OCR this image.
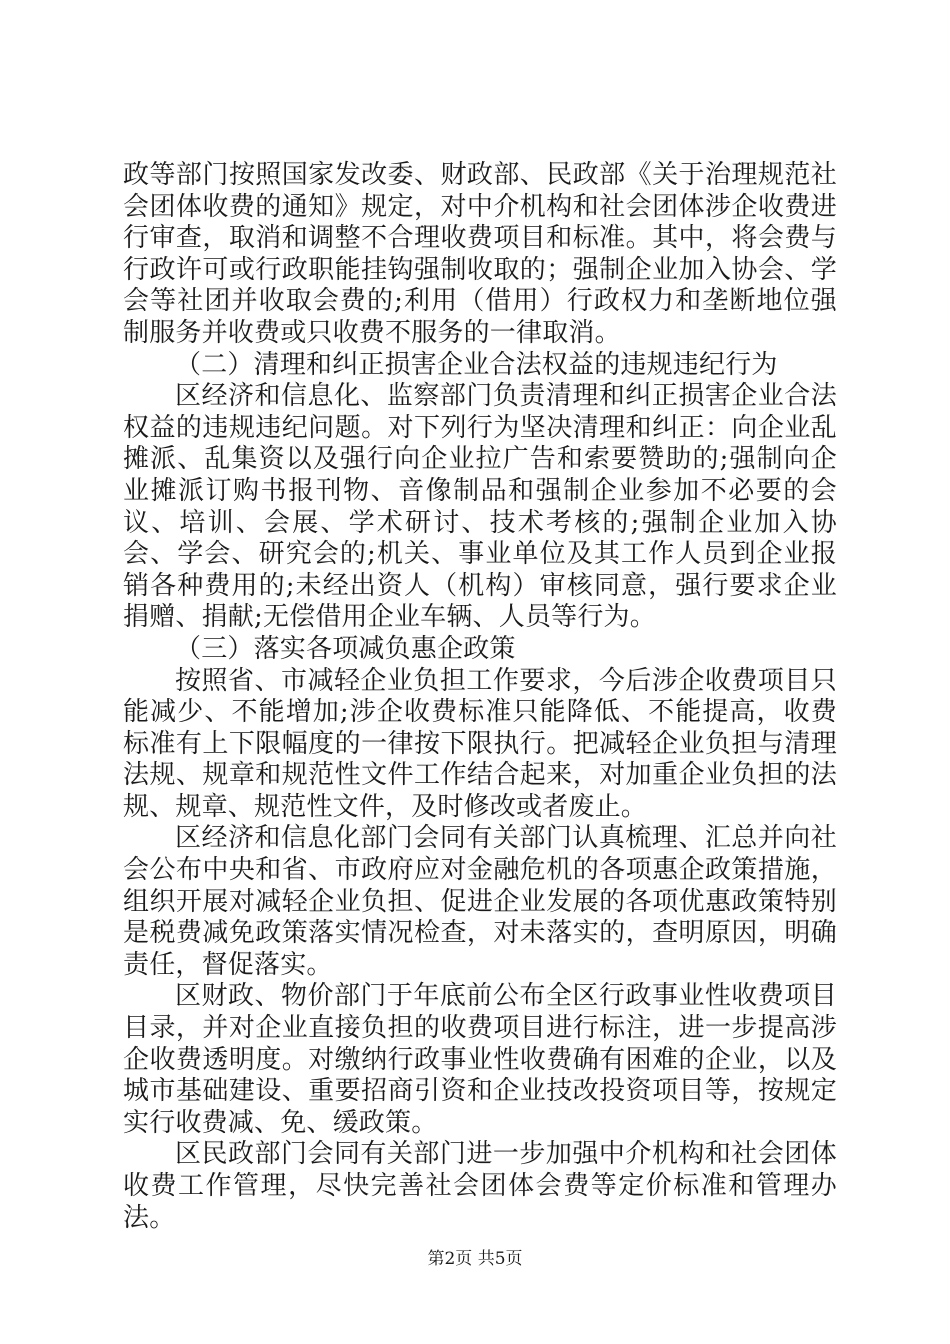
政等部门按照国家发改委、财政部、民政部《关于治理规范社会团体收费的通知》规定，对中介机构和社会团体涉企收费进行审查，取消和调整不合理收费项目和标准。其中，将会费与行政许可或行政职能挂钩强制收取的；强制企业加入协会、学会等社团并收取会费的;利用（借用）行政权力和垄断地位强制服务并收费或只收费不服务的一律取消。

（二）清理和纠正损害企业合法权益的违规违纪行为

区经济和信息化、监察部门负责清理和纠正损害企业合法权益的违规违纪问题。对下列行为坚决清理和纠正：向企业乱摊派、乱集资以及强行向企业拉广告和索要赞助的;强制向企业摊派订购书报刊物、音像制品和强制企业参加不必要的会议、培训、会展、学术研讨、技术考核的;强制企业加入协会、学会、研究会的;机关、事业单位及其工作人员到企业报销各种费用的;未经出资人（机构）审核同意，强行要求企业捐赠、捐献;无偿借用企业车辆、人员等行为。

（三）落实各项减负惠企政策

按照省、市减轻企业负担工作要求，今后涉企收费项目只能减少、不能增加;涉企收费标准只能降低、不能提高，收费标准有上下限幅度的一律按下限执行。把减轻企业负担与清理法规、规章和规范性文件工作结合起来，对加重企业负担的法规、规章、规范性文件，及时修改或者废止。

区经济和信息化部门会同有关部门认真梳理、汇总并向社会公布中央和省、市政府应对金融危机的各项惠企政策措施，组织开展对减轻企业负担、促进企业发展的各项优惠政策特别是税费减免政策落实情况检查，对未落实的，查明原因，明确责任，督促落实。

区财政、物价部门于年底前公布全区行政事业性收费项目目录，并对企业直接负担的收费项目进行标注，进一步提高涉企收费透明度。对缴纳行政事业性收费确有困难的企业，以及城市基础建设、重要招商引资和企业技改投资项目等，按规定实行收费减、免、缓政策。

区民政部门会同有关部门进一步加强中介机构和社会团体收费工作管理，尽快完善社会团体会费等定价标准和管理办法。

第2页 共5页
